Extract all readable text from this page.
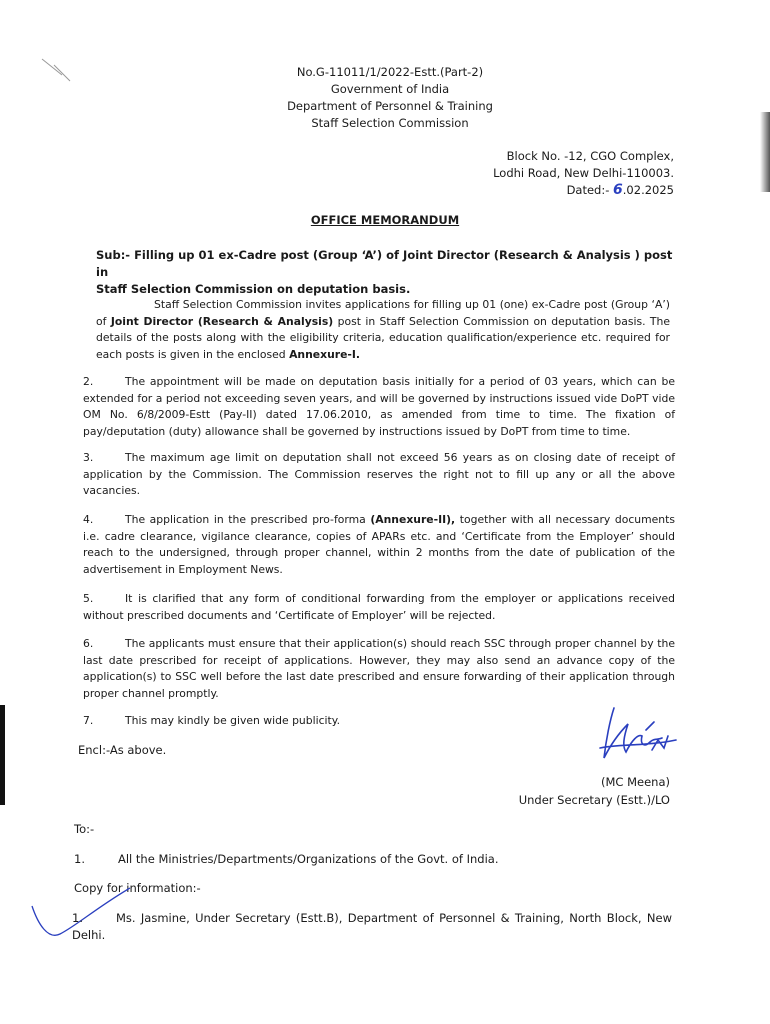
No.G-11011/1/2022-Estt.(Part-2)
Government of India
Department of Personnel & Training
Staff Selection Commission
Block No. -12, CGO Complex,
Lodhi Road, New Delhi-110003.
Dated:- 6.02.2025
OFFICE MEMORANDUM
Sub:- Filling up 01 ex-Cadre post (Group ‘A’) of Joint Director (Research & Analysis ) post in
Staff Selection Commission on deputation basis.
Staff Selection Commission invites applications for filling up 01 (one) ex-Cadre post (Group ‘A’) of Joint Director (Research & Analysis) post in Staff Selection Commission on deputation basis. The details of the posts along with the eligibility criteria, education qualification/experience etc. required for each posts is given in the enclosed Annexure-I.
2.	The appointment will be made on deputation basis initially for a period of 03 years, which can be extended for a period not exceeding seven years, and will be governed by instructions issued vide DoPT vide OM No. 6/8/2009-Estt (Pay-II) dated 17.06.2010, as amended from time to time. The fixation of pay/deputation (duty) allowance shall be governed by instructions issued by DoPT from time to time.
3.	The maximum age limit on deputation shall not exceed 56 years as on closing date of receipt of application by the Commission. The Commission reserves the right not to fill up any or all the above vacancies.
4.	The application in the prescribed pro-forma (Annexure-II), together with all necessary documents i.e. cadre clearance, vigilance clearance, copies of APARs etc. and ‘Certificate from the Employer’ should reach to the undersigned, through proper channel, within 2 months from the date of publication of the advertisement in Employment News.
5.	It is clarified that any form of conditional forwarding from the employer or applications received without prescribed documents and ‘Certificate of Employer’ will be rejected.
6.	The applicants must ensure that their application(s) should reach SSC through proper channel by the last date prescribed for receipt of applications. However, they may also send an advance copy of the application(s) to SSC well before the last date prescribed and ensure forwarding of their application through proper channel promptly.
7.	This may kindly be given wide publicity.
Encl:-As above.
(MC Meena)
Under Secretary (Estt.)/LO
To:-
1.	All the Ministries/Departments/Organizations of the Govt. of India.
Copy for information:-
1.	Ms. Jasmine, Under Secretary (Estt.B), Department of Personnel & Training, North Block, New Delhi.
